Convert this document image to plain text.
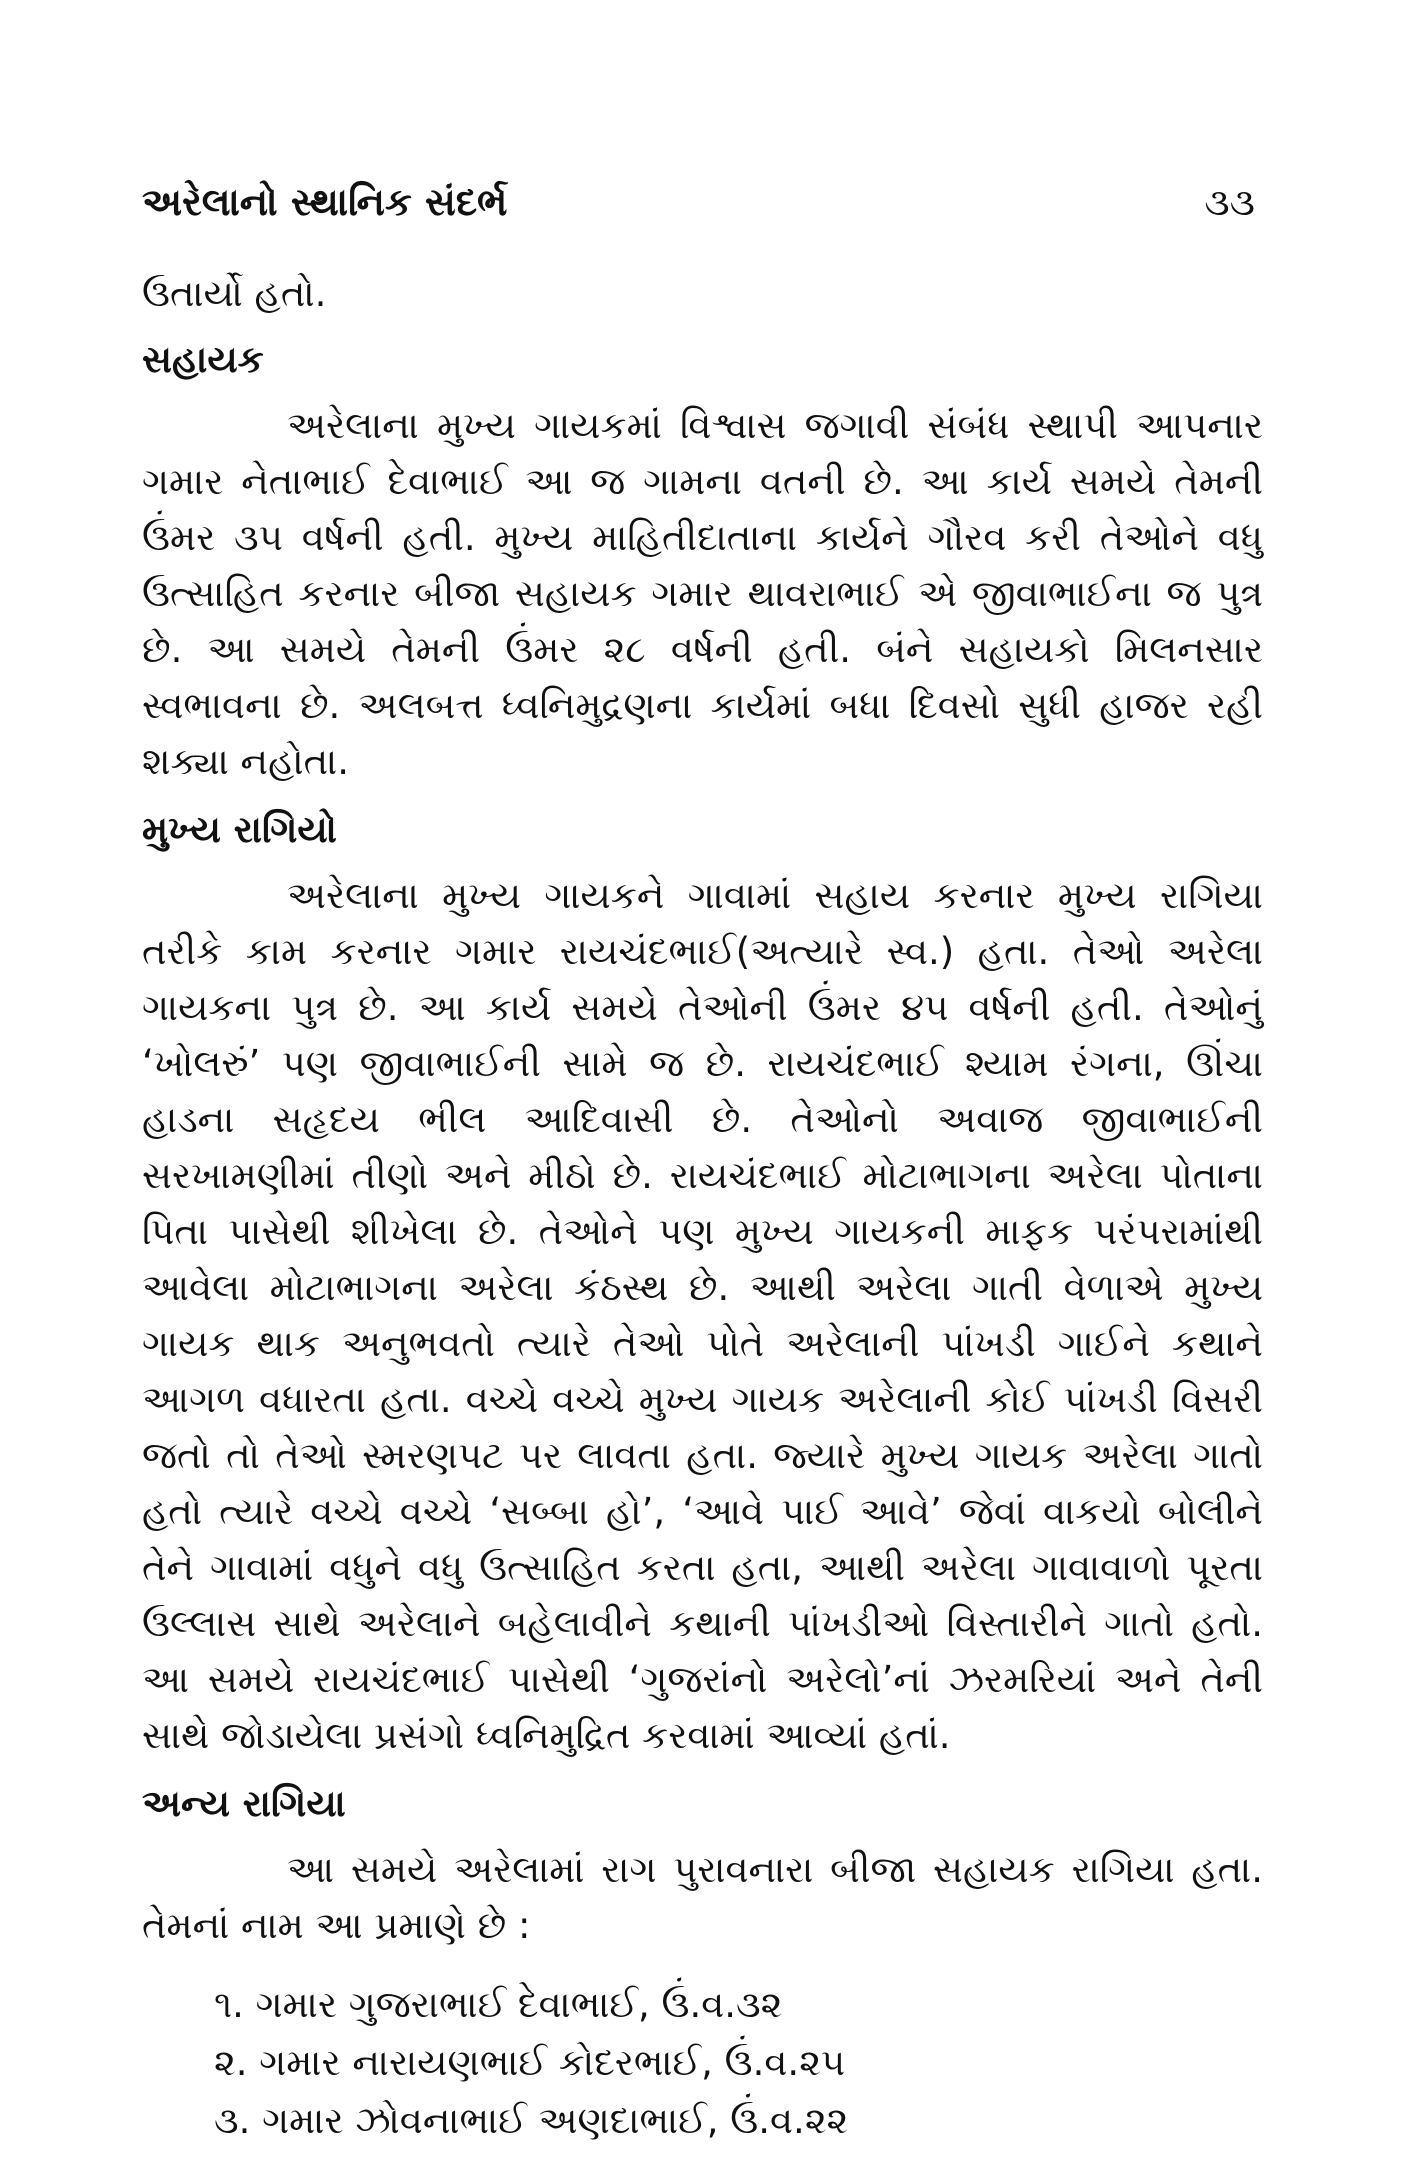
અરેલાનો સ્થાનિક સંદર્ભ	૩૩
ઉતાર્યો હતો.
સહાયક

અરેલાના મુખ્ય ગાયકમાં વિશ્વાસ જગાવી સંબંધ સ્થાપી આપનાર ગમાર નેતાભાઈ દેવાભાઈ આ જ ગામના વતની છે. આ કાર્ય સમયે તેમની ઉંમર ૩૫ વર્ષની હતી. મુખ્ય માહિતીદાતાના કાર્યને ગૌરવ કરી તેઓને વધુ ઉત્સાહિત કરનાર બીજા સહાયક ગમાર થાવરાભાઈ એ જીવાભાઈના જ પુત્ર છે. આ સમયે તેમની ઉંમર ૨૮ વર્ષની હતી. બંને સહાયકો મિલનસાર સ્વભાવના છે. અલબત્ત ધ્વનિમુદ્રણના કાર્યમાં બધા દિવસો સુધી હાજર રહી શક્યા નહોતા.

મુખ્ય રાગિયો

અરેલાના મુખ્ય ગાયકને ગાવામાં સહાય કરનાર મુખ્ય રાગિયા તરીકે કામ કરનાર ગમાર રાયચંદભાઈ(અત્યારે સ્વ.) હતા. તેઓ અરેલા ગાયકના પુત્ર છે. આ કાર્ય સમયે તેઓની ઉંમર ૪૫ વર્ષની હતી. તેઓનું ‘ખોલરું’ પણ જીવાભાઈની સામે જ છે. રાયચંદભાઈ શ્યામ રંગના, ઊંચા હાડના સહૃદય ભીલ આદિવાસી છે. તેઓનો અવાજ જીવાભાઈની સરખામણીમાં તીણો અને મીઠો છે. રાયચંદભાઈ મોટાભાગના અરેલા પોતાના પિતા પાસેથી શીખેલા છે. તેઓને પણ મુખ્ય ગાયકની માફક પરંપરામાંથી આવેલા મોટાભાગના અરેલા કંઠસ્થ છે. આથી અરેલા ગાતી વેળાએ મુખ્ય ગાયક થાક અનુભવતો ત્યારે તેઓ પોતે અરેલાની પાંખડી ગાઈને કથાને આગળ વધારતા હતા. વચ્ચે વચ્ચે મુખ્ય ગાયક અરેલાની કોઈ પાંખડી વિસરી જતો તો તેઓ સ્મરણપટ પર લાવતા હતા. જ્યારે મુખ્ય ગાયક અરેલા ગાતો હતો ત્યારે વચ્ચે વચ્ચે ‘સબ્બા હો’, ‘આવે પાઈ આવે’ જેવાં વાકયો બોલીને તેને ગાવામાં વધુને વધુ ઉત્સાહિત કરતા હતા, આથી અરેલા ગાવાવાળો પૂરતા ઉલ્લાસ સાથે અરેલાને બહેલાવીને કથાની પાંખડીઓ વિસ્તારીને ગાતો હતો. આ સમયે રાયચંદભાઈ પાસેથી ‘ગુજરાંનો અરેલો’નાં ઝરમરિયાં અને તેની સાથે જોડાયેલા પ્રસંગો ધ્વનિમુદ્રિત કરવામાં આવ્યાં હતાં.

અન્ય રાગિયા

આ સમયે અરેલામાં રાગ પુરાવનારા બીજા સહાયક રાગિયા હતા. તેમનાં નામ આ પ્રમાણે છે :

૧. ગમાર ગુજરાભાઈ દેવાભાઈ, ઉં.વ.૩૨
૨. ગમાર નારાયણભાઈ કોદરભાઈ, ઉં.વ.૨૫
૩. ગમાર ઝોવનાભાઈ અણદાભાઈ, ઉં.વ.૨૨
